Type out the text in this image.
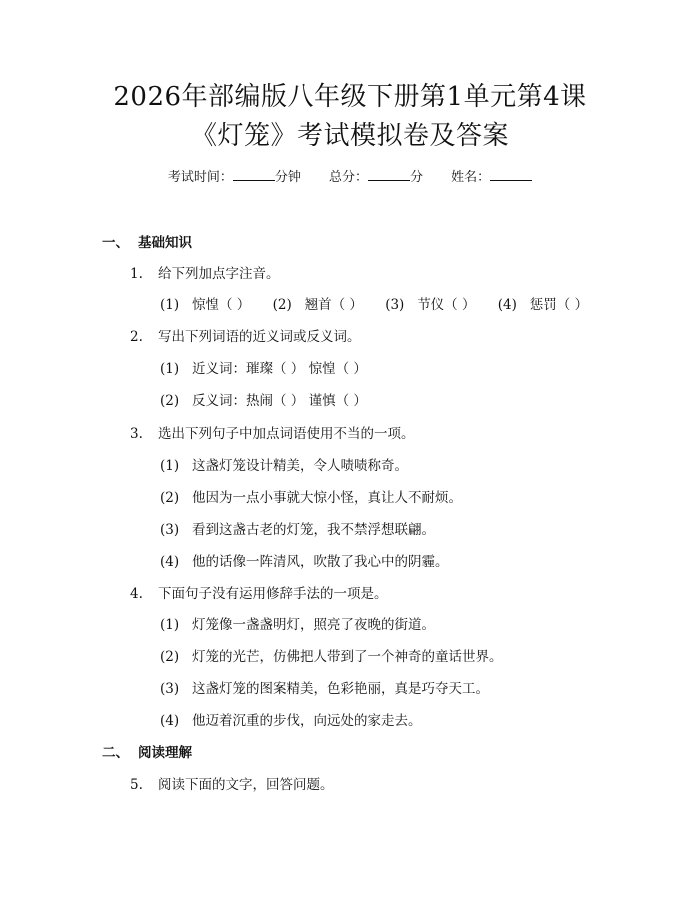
2026年部编版八年级下册第1单元第4课
《灯笼》考试模拟卷及答案
考试时间：	分钟 总分：	分 姓名：
一、 基础知识
1. 给下列加点字注音。
(1) 惊惶（ ） (2) 翘首（ ） (3) 节仪（ ） (4) 惩罚（ ）
2. 写出下列词语的近义词或反义词。
(1) 近义词：璀璨（ ） 惊惶（ ）
(2) 反义词：热闹（ ） 谨慎（ ）
3. 选出下列句子中加点词语使用不当的一项。
(1) 这盏灯笼设计精美，令人啧啧称奇。
(2) 他因为一点小事就大惊小怪，真让人不耐烦。
(3) 看到这盏古老的灯笼，我不禁浮想联翩。
(4) 他的话像一阵清风，吹散了我心中的阴霾。
4. 下面句子没有运用修辞手法的一项是。
(1) 灯笼像一盏盏明灯，照亮了夜晚的街道。
(2) 灯笼的光芒，仿佛把人带到了一个神奇的童话世界。
(3) 这盏灯笼的图案精美，色彩艳丽，真是巧夺天工。
(4) 他迈着沉重的步伐，向远处的家走去。
二、 阅读理解
5. 阅读下面的文字，回答问题。
